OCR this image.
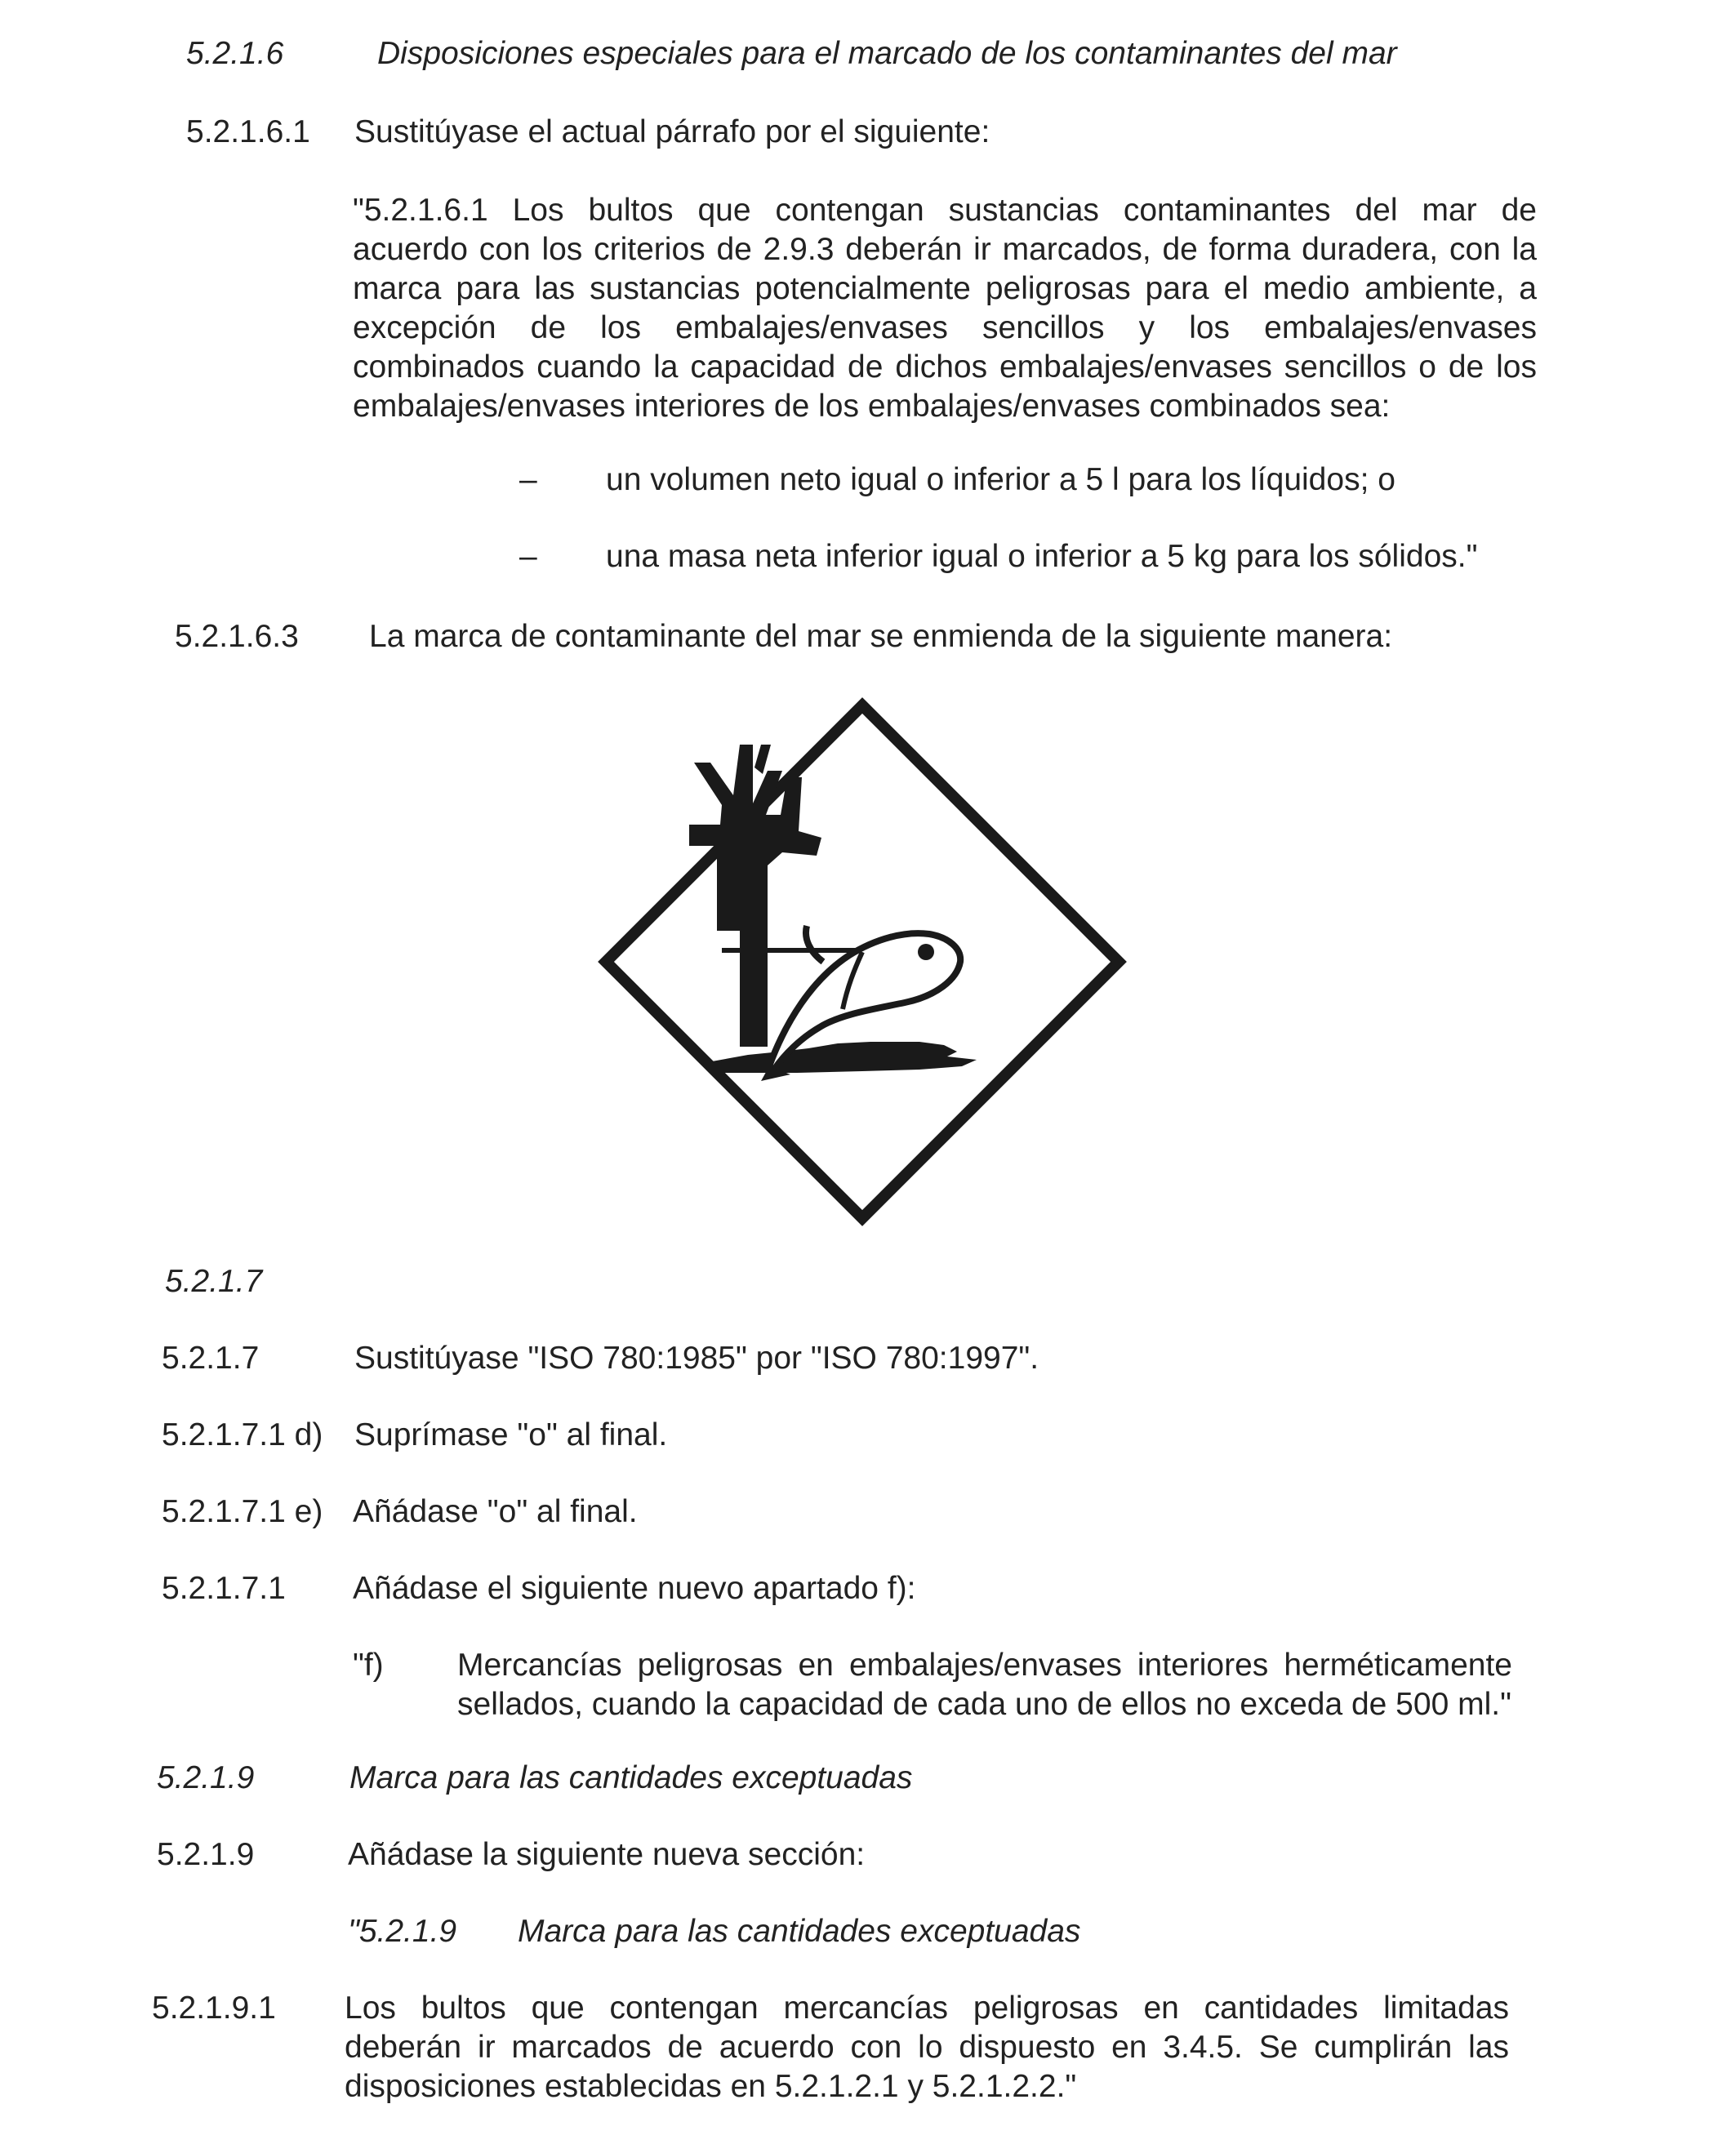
5.2.1.6	Disposiciones especiales para el marcado de los contaminantes del mar
5.2.1.6.1 Sustitúyase el actual párrafo por el siguiente:
"5.2.1.6.1 Los bultos que contengan sustancias contaminantes del mar de
acuerdo con los criterios de 2.9.3 deberán ir marcados, de forma duradera, con la
marca para las sustancias potencialmente peligrosas para el medio ambiente, a
excepción de los embalajes/envases sencillos y los embalajes/envases
combinados cuando la capacidad de dichos embalajes/envases sencillos o de los
embalajes/envases interiores de los embalajes/envases combinados sea:
– un volumen neto igual o inferior a 5 l para los líquidos; o
– una masa neta inferior igual o inferior a 5 kg para los sólidos."
5.2.1.6.3 La marca de contaminante del mar se enmienda de la siguiente manera:
5.2.1.7
5.2.1.7	Sustitúyase "ISO 780:1985" por "ISO 780:1997".
5.2.1.7.1 d) Suprímase "o" al final.
5.2.1.7.1 e) Añádase "o" al final.
5.2.1.7.1 Añádase el siguiente nuevo apartado f):
"f) Mercancías peligrosas en embalajes/envases interiores herméticamente
sellados, cuando la capacidad de cada uno de ellos no exceda de 500 ml."
5.2.1.9	Marca para las cantidades exceptuadas
5.2.1.9	Añádase la siguiente nueva sección:
"5.2.1.9 Marca para las cantidades exceptuadas
5.2.1.9.1 Los bultos que contengan mercancías peligrosas en cantidades limitadas
deberán ir marcados de acuerdo con lo dispuesto en 3.4.5. Se cumplirán las
disposiciones establecidas en 5.2.1.2.1 y 5.2.1.2.2."
